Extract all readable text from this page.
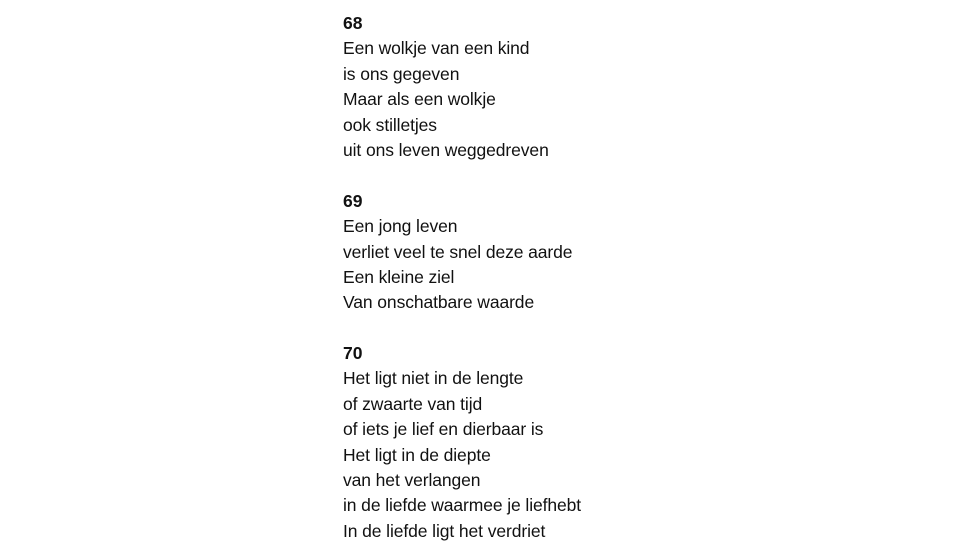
68
Een wolkje van een kind
is ons gegeven
Maar als een wolkje
ook stilletjes
uit ons leven weggedreven
69
Een jong leven
verliet veel te snel deze aarde
Een kleine ziel
Van onschatbare waarde
70
Het ligt niet in de lengte
of zwaarte van tijd
of iets je lief en dierbaar is
Het ligt in de diepte
van het verlangen
in de liefde waarmee je liefhebt
In de liefde ligt het verdriet
